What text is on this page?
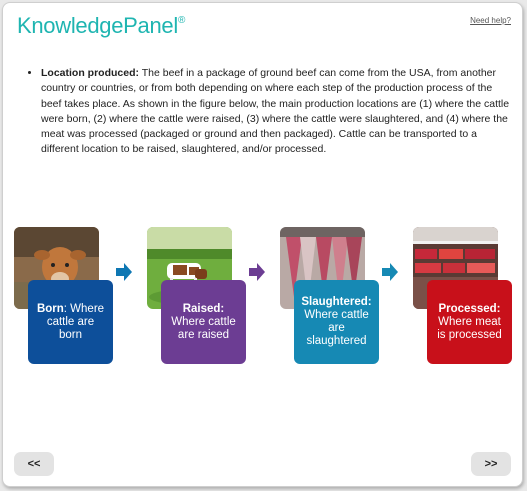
KnowledgePanel®	Need help?
• Location produced: The beef in a package of ground beef can come from the USA, from another country or countries, or from both depending on where each step of the production process of the beef takes place. As shown in the figure below, the main production locations are (1) where the cattle were born, (2) where the cattle were raised, (3) where the cattle were slaughtered, and (4) where the meat was processed (packaged or ground and then packaged). Cattle can be transported to a different location to be raised, slaughtered, and/or processed.
Born: Where
cattle are born
Raised:
Where cattle are raised
Slaughtered:
Where cattle are slaughtered
Processed:
Where meat is processed
<<	>>
